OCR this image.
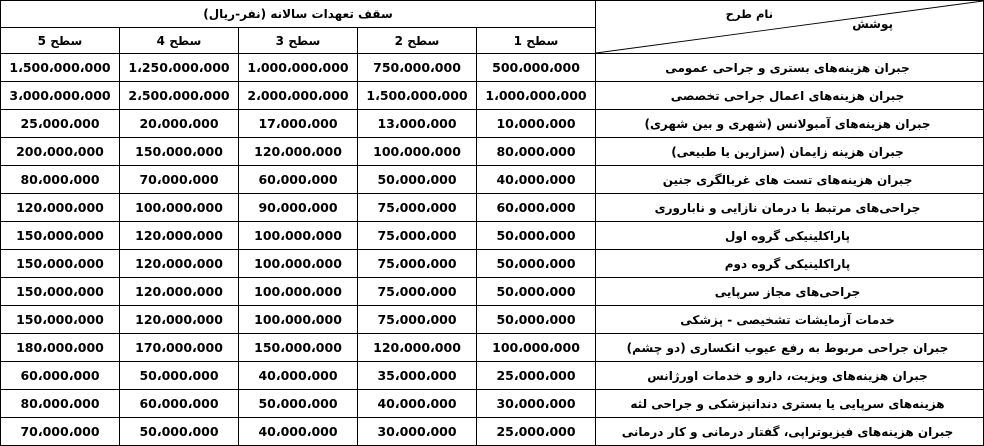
پوشش
نام طرح	سقف تعهدات سالانه (نفر-ریال)				
	سطح 1	سطح 2	سطح 3	سطح 4	سطح 5
جبران هزینه‌های بستری و جراحی عمومی	500،000،000	750،000،000	1،000،000،000	1،250،000،000	1،500،000،000
جبران هزینه‌های اعمال جراحی تخصصی	1،000،000،000	1،500،000،000	2،000،000،000	2،500،000،000	3،000،000،000
جبران هزینه‌های آمبولانس (شهری و بین شهری)	10،000،000	13،000،000	17،000،000	20،000،000	25،000،000
جبران هزینه زایمان (سزارین یا طبیعی)	80،000،000	100،000،000	120،000،000	150،000،000	200،000،000
جبران هزینه‌های تست های غربالگری جنین	40،000،000	50،000،000	60،000،000	70،000،000	80،000،000
جراحی‌های مرتبط با درمان نازایی و ناباروری	60،000،000	75،000،000	90،000،000	100،000،000	120،000،000
پاراکلینیکی گروه اول	50،000،000	75،000،000	100،000،000	120،000،000	150،000،000
پاراکلینیکی گروه دوم	50،000،000	75،000،000	100،000،000	120،000،000	150،000،000
جراحی‌های مجاز سرپایی	50،000،000	75،000،000	100،000،000	120،000،000	150،000،000
خدمات آزمایشات تشخیصی - پزشکی	50،000،000	75،000،000	100،000،000	120،000،000	150،000،000
جبران جراحی مربوط به رفع عیوب انکساری (دو چشم)	100،000،000	120،000،000	150،000،000	170،000،000	180،000،000
جبران هزینه‌های ویزیت، دارو و خدمات اورژانس	25،000،000	35،000،000	40،000،000	50،000،000	60،000،000
هزینه‌های سرپایی یا بستری دندانپزشکی و جراحی لثه	30،000،000	40،000،000	50،000،000	60،000،000	80،000،000
جبران هزینه‌های فیزیوتراپی، گفتار درمانی و کار درمانی	25،000،000	30،000،000	40،000،000	50،000،000	70،000،000
